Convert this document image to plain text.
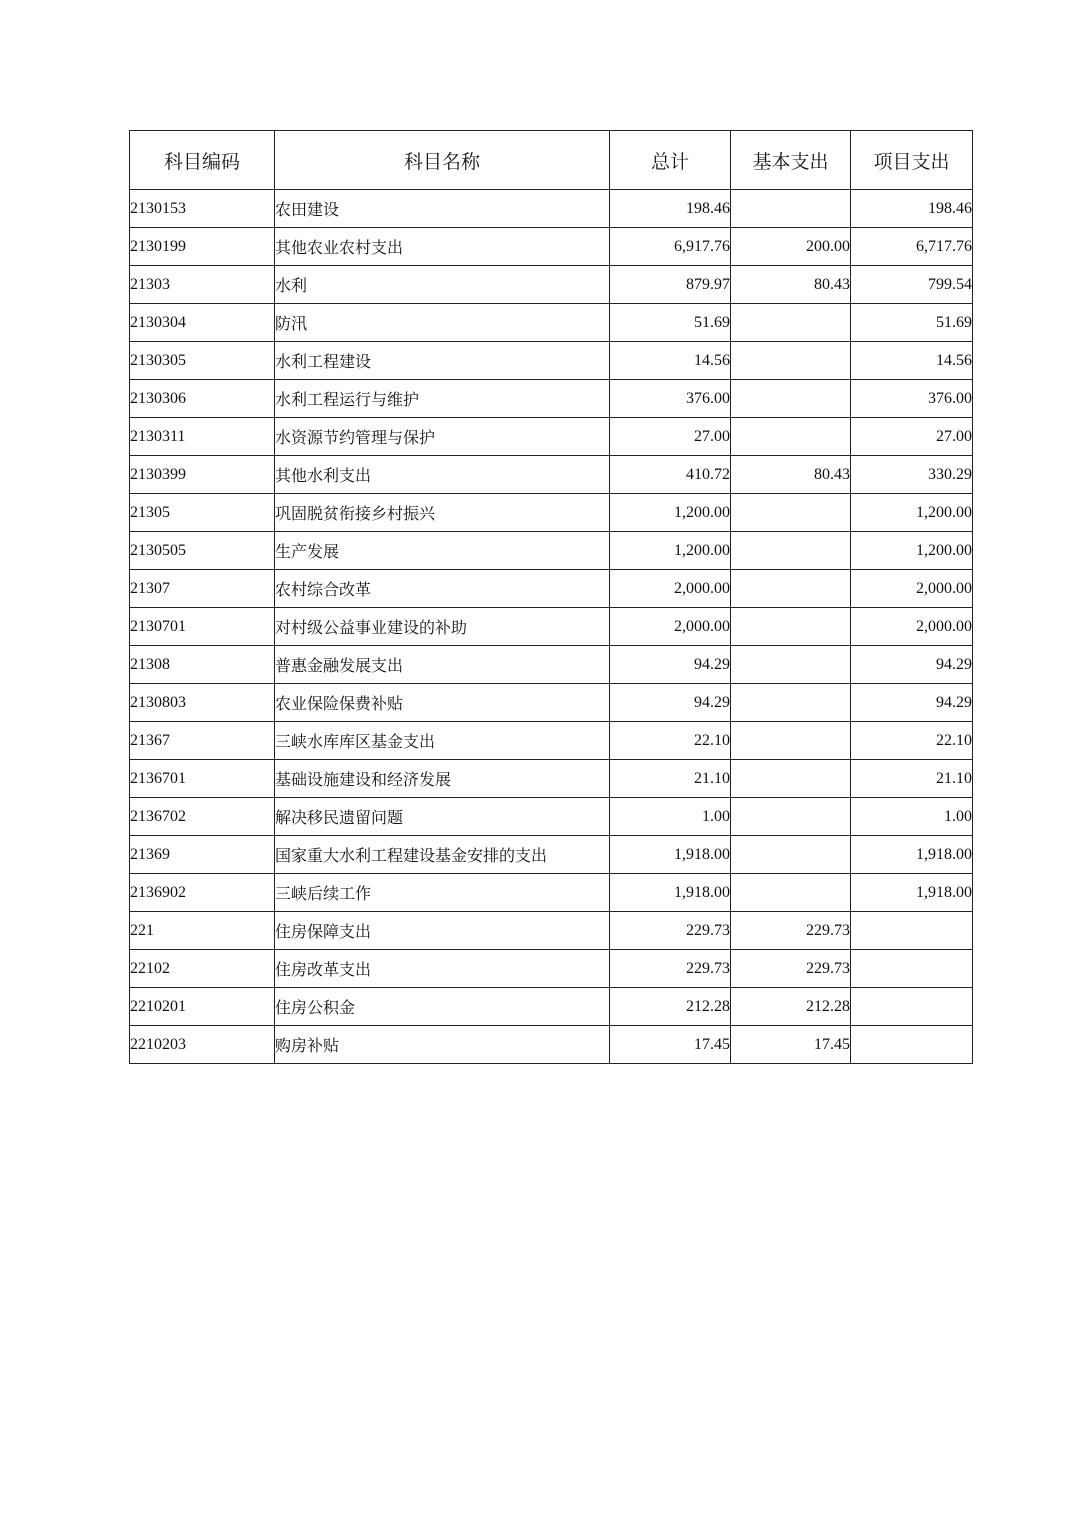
科目编码	科目名称	总计	基本支出	项目支出
2130153	农田建设	198.46		198.46
2130199	其他农业农村支出	6,917.76	200.00	6,717.76
21303	水利	879.97	80.43	799.54
2130304	防汛	51.69		51.69
2130305	水利工程建设	14.56		14.56
2130306	水利工程运行与维护	376.00		376.00
2130311	水资源节约管理与保护	27.00		27.00
2130399	其他水利支出	410.72	80.43	330.29
21305	巩固脱贫衔接乡村振兴	1,200.00		1,200.00
2130505	生产发展	1,200.00		1,200.00
21307	农村综合改革	2,000.00		2,000.00
2130701	对村级公益事业建设的补助	2,000.00		2,000.00
21308	普惠金融发展支出	94.29		94.29
2130803	农业保险保费补贴	94.29		94.29
21367	三峡水库库区基金支出	22.10		22.10
2136701	基础设施建设和经济发展	21.10		21.10
2136702	解决移民遗留问题	1.00		1.00
21369	国家重大水利工程建设基金安排的支出	1,918.00		1,918.00
2136902	三峡后续工作	1,918.00		1,918.00
221	住房保障支出	229.73	229.73	
22102	住房改革支出	229.73	229.73	
2210201	住房公积金	212.28	212.28	
2210203	购房补贴	17.45	17.45	
